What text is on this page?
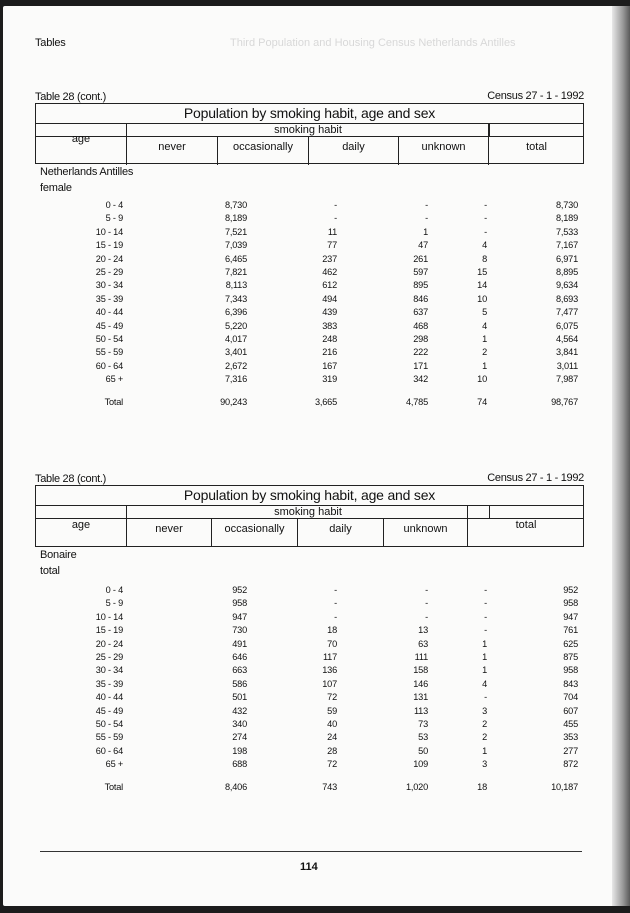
Third Population and Housing Census Netherlands Antilles
Tables
Table 28 (cont.)	Census 27 - 1 - 1992
Population by smoking habit, age and sex
smoking habit
age
never	occasionally	daily	unknown	total
Netherlands Antilles
female
0 - 4	8,730	-	-	-	8,730
5 - 9	8,189	-	-	-	8,189
10 - 14	7,521	11	1	-	7,533
15 - 19	7,039	77	47	4	7,167
20 - 24	6,465	237	261	8	6,971
25 - 29	7,821	462	597	15	8,895
30 - 34	8,113	612	895	14	9,634
35 - 39	7,343	494	846	10	8,693
40 - 44	6,396	439	637	5	7,477
45 - 49	5,220	383	468	4	6,075
50 - 54	4,017	248	298	1	4,564
55 - 59	3,401	216	222	2	3,841
60 - 64	2,672	167	171	1	3,011
65 +	7,316	319	342	10	7,987
Total	90,243	3,665	4,785	74	98,767
Table 28 (cont.)	Census 27 - 1 - 1992
Population by smoking habit, age and sex
smoking habit
age	never	occasionally	daily	unknown	total
Bonaire
total
0 - 4	952	-	-	-	952
5 - 9	958	-	-	-	958
10 - 14	947	-	-	-	947
15 - 19	730	18	13	-	761
20 - 24	491	70	63	1	625
25 - 29	646	117	111	1	875
30 - 34	663	136	158	1	958
35 - 39	586	107	146	4	843
40 - 44	501	72	131	-	704
45 - 49	432	59	113	3	607
50 - 54	340	40	73	2	455
55 - 59	274	24	53	2	353
60 - 64	198	28	50	1	277
65 +	688	72	109	3	872
Total	8,406	743	1,020	18	10,187
114
